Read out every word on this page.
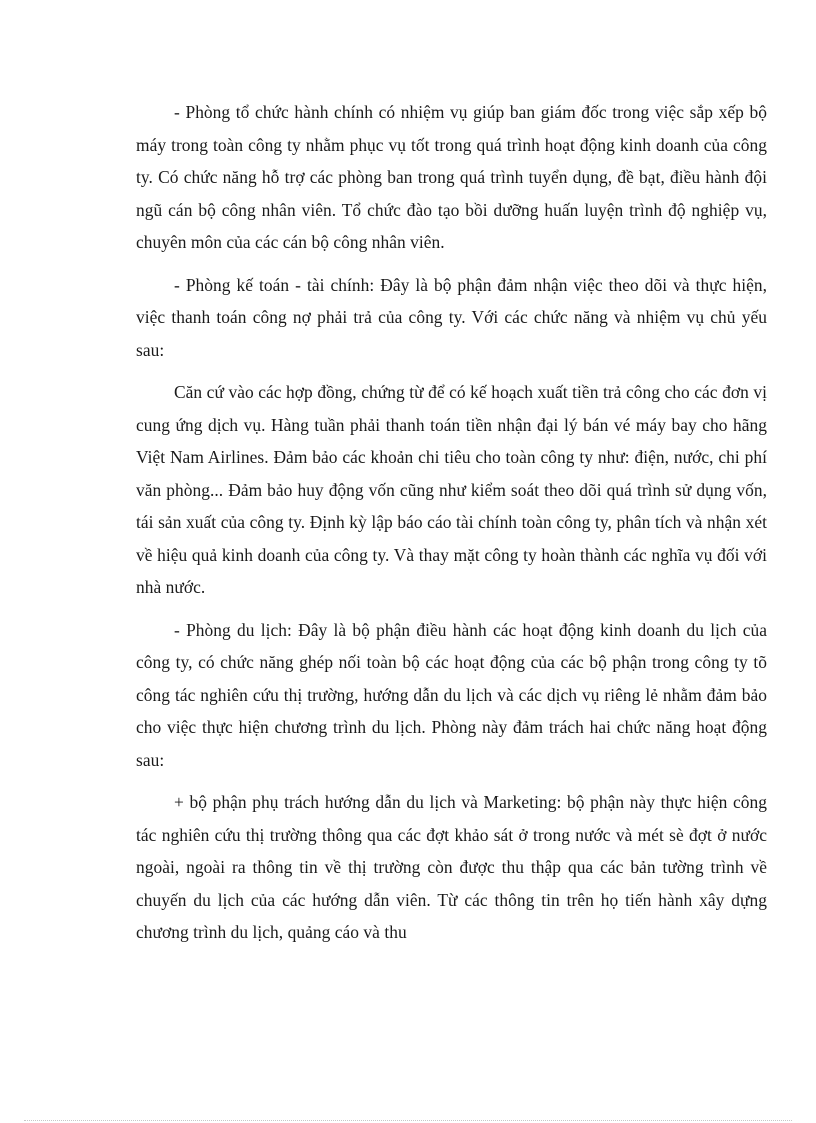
- Phòng tổ chức hành chính có nhiệm vụ giúp ban giám đốc trong việc sắp xếp bộ máy trong toàn công ty nhằm phục vụ tốt trong quá trình hoạt động kinh doanh của công ty. Có chức năng hỗ trợ các phòng ban trong quá trình tuyển dụng, đề bạt, điều hành đội ngũ cán bộ công nhân viên. Tổ chức đào tạo bồi dưỡng huấn luyện trình độ nghiệp vụ, chuyên môn của các cán bộ công nhân viên.

- Phòng kế toán - tài chính: Đây là bộ phận đảm nhận việc theo dõi và thực hiện, việc thanh toán công nợ phải trả của công ty. Với các chức năng và nhiệm vụ chủ yếu sau:

Căn cứ vào các hợp đồng, chứng từ để có kế hoạch xuất tiền trả công cho các đơn vị cung ứng dịch vụ. Hàng tuần phải thanh toán tiền nhận đại lý bán vé máy bay cho hãng Việt Nam Airlines. Đảm bảo các khoản chi tiêu cho toàn công ty như: điện, nước, chi phí văn phòng... Đảm bảo huy động vốn cũng như kiểm soát theo dõi quá trình sử dụng vốn, tái sản xuất của công ty. Định kỳ lập báo cáo tài chính toàn công ty, phân tích và nhận xét về hiệu quả kinh doanh của công ty. Và thay mặt công ty hoàn thành các nghĩa vụ đối với nhà nước.

- Phòng du lịch: Đây là bộ phận điều hành các hoạt động kinh doanh du lịch của công ty, có chức năng ghép nối toàn bộ các hoạt động của các bộ phận trong công ty tõ công tác nghiên cứu thị trường, hướng dẫn du lịch và các dịch vụ riêng lẻ nhằm đảm bảo cho việc thực hiện chương trình du lịch. Phòng này đảm trách hai chức năng hoạt động sau:

+ bộ phận phụ trách hướng dẫn du lịch và Marketing: bộ phận này thực hiện công tác nghiên cứu thị trường thông qua các đợt khảo sát ở trong nước và mét sè đợt ở nước ngoài, ngoài ra thông tin về thị trường còn được thu thập qua các bản tường trình về chuyến du lịch của các hướng dẫn viên. Từ các thông tin trên họ tiến hành xây dựng chương trình du lịch, quảng cáo và thu
